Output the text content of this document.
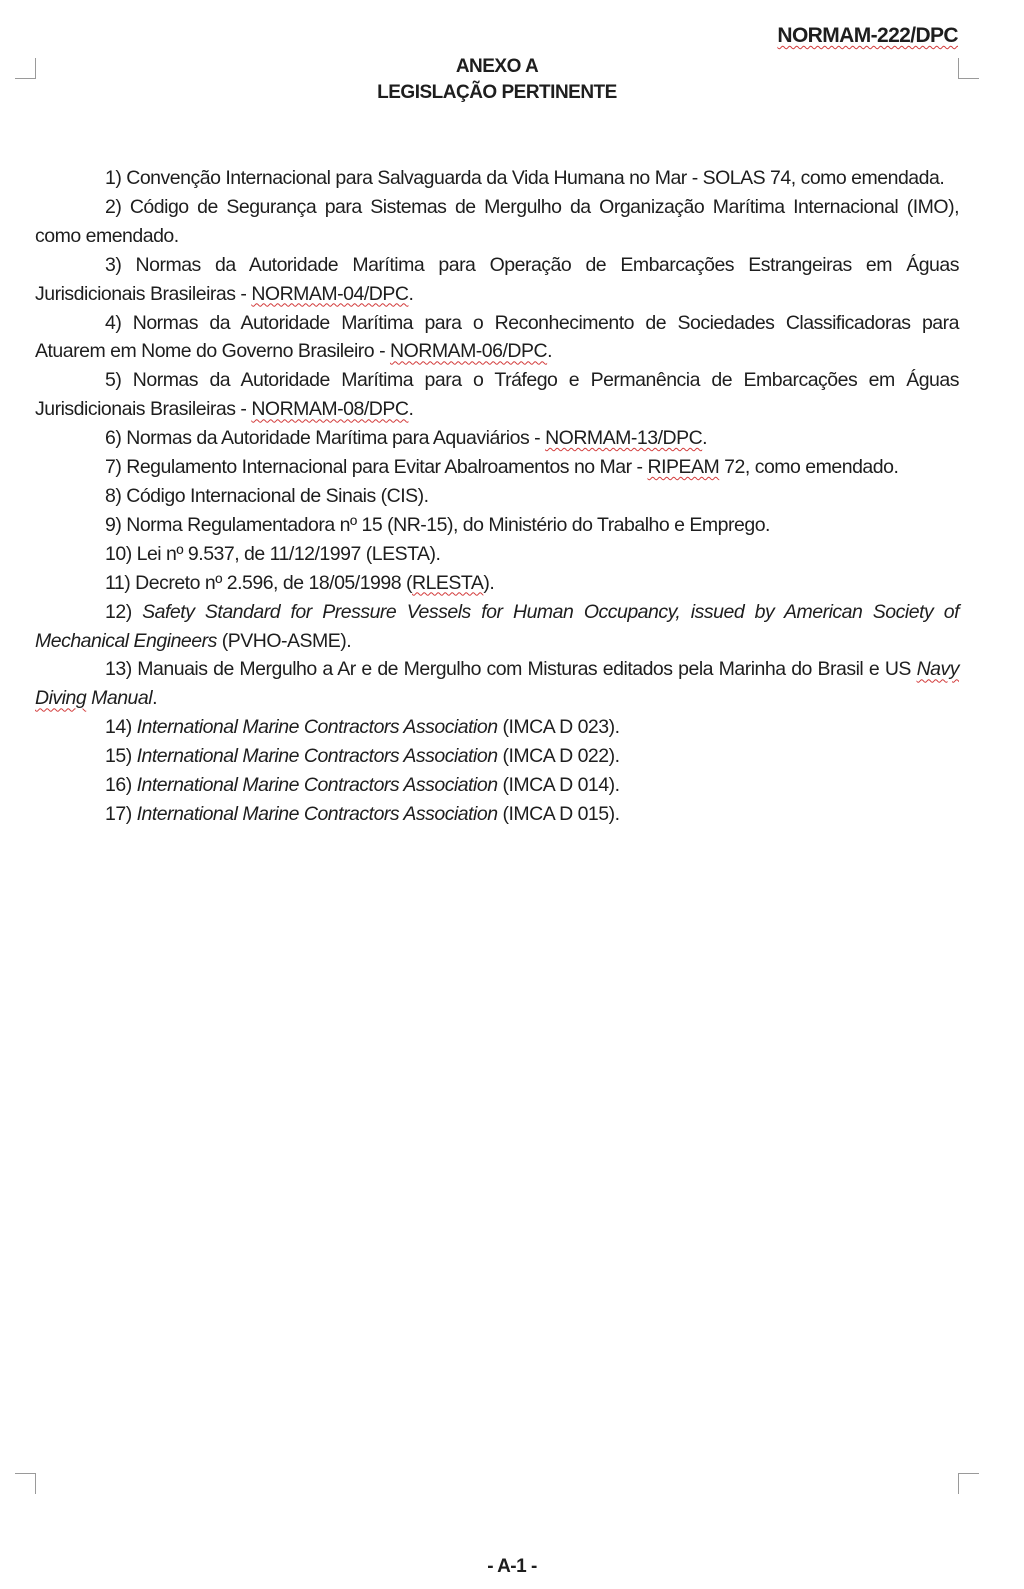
NORMAM-222/DPC
ANEXO A
LEGISLAÇÃO PERTINENTE

1) Convenção Internacional para Salvaguarda da Vida Humana no Mar - SOLAS 74, como emendada.

2) Código de Segurança para Sistemas de Mergulho da Organização Marítima Internacional (IMO), como emendado.

3) Normas da Autoridade Marítima para Operação de Embarcações Estrangeiras em Águas Jurisdicionais Brasileiras - NORMAM-04/DPC.

4) Normas da Autoridade Marítima para o Reconhecimento de Sociedades Classificadoras para Atuarem em Nome do Governo Brasileiro - NORMAM-06/DPC.

5) Normas da Autoridade Marítima para o Tráfego e Permanência de Embarcações em Águas Jurisdicionais Brasileiras - NORMAM-08/DPC.

6) Normas da Autoridade Marítima para Aquaviários - NORMAM-13/DPC.

7) Regulamento Internacional para Evitar Abalroamentos no Mar - RIPEAM 72, como emendado.

8) Código Internacional de Sinais (CIS).

9) Norma Regulamentadora nº 15 (NR-15), do Ministério do Trabalho e Emprego.

10) Lei nº 9.537, de 11/12/1997 (LESTA).

11) Decreto nº 2.596, de 18/05/1998 (RLESTA).

12) Safety Standard for Pressure Vessels for Human Occupancy, issued by American Society of Mechanical Engineers (PVHO-ASME).

13) Manuais de Mergulho a Ar e de Mergulho com Misturas editados pela Marinha do Brasil e US Navy Diving Manual.

14) International Marine Contractors Association (IMCA D 023).

15) International Marine Contractors Association (IMCA D 022).

16) International Marine Contractors Association (IMCA D 014).

17) International Marine Contractors Association (IMCA D 015).

- A-1 -
